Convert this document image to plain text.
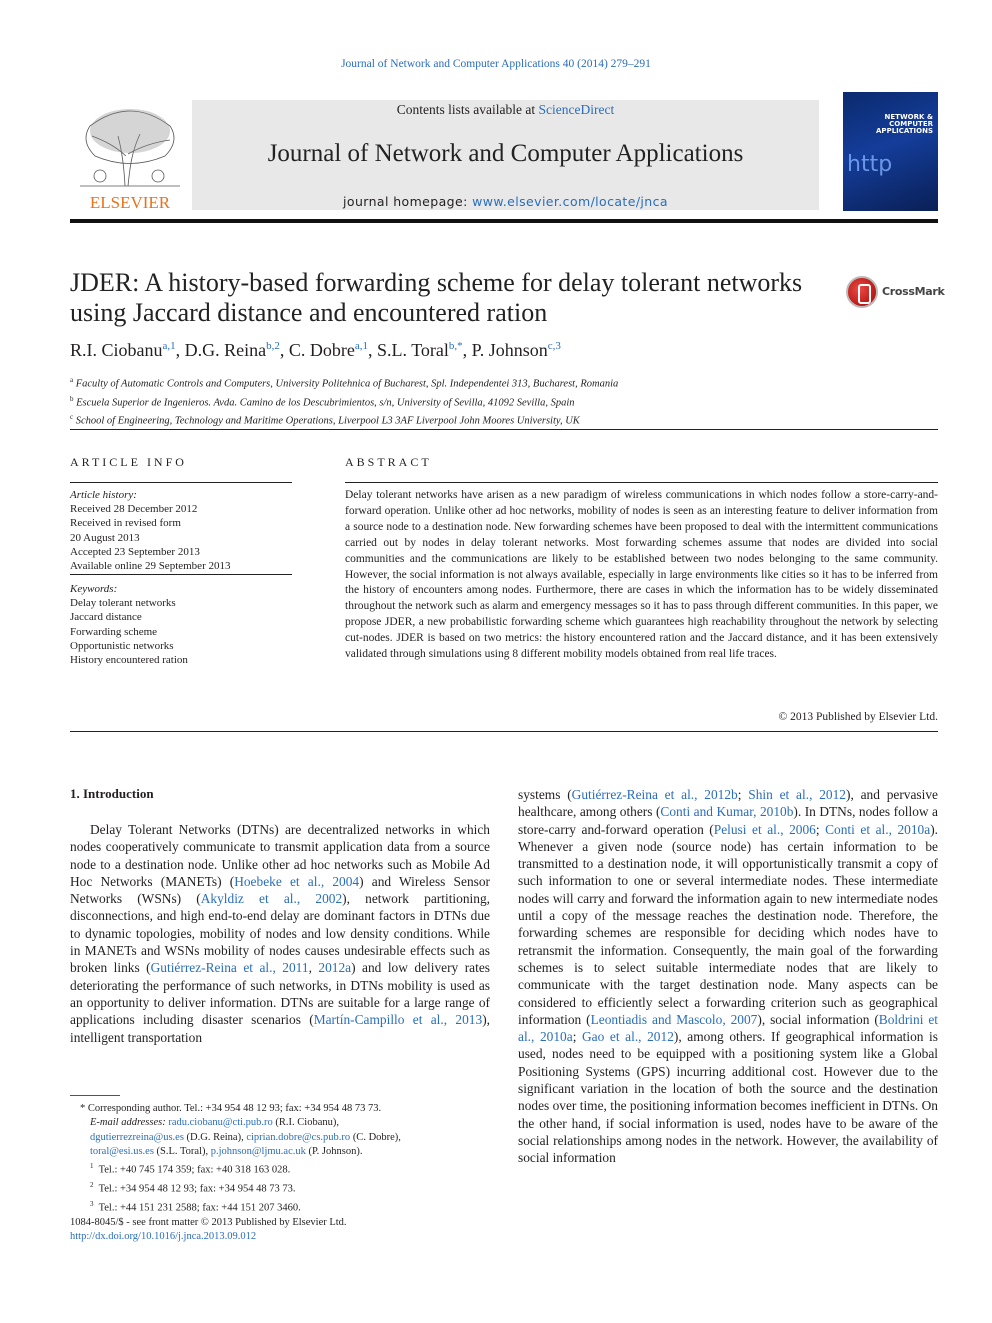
Journal of Network and Computer Applications 40 (2014) 279–291
ELSEVIER
Contents lists available at ScienceDirect
Journal of Network and Computer Applications
journal homepage: www.elsevier.com/locate/jnca
NETWORK &
COMPUTER
APPLICATIONS
http
JDER: A history-based forwarding scheme for delay tolerant networks using Jaccard distance and encountered ration
CrossMark
R.I. Ciobanu$^{a,1}$, D.G. Reina$^{b,2}$, C. Dobre$^{a,1}$, S.L. Toral$^{b,*}$, P. Johnson$^{c,3}$
$^a$ Faculty of Automatic Controls and Computers, University Politehnica of Bucharest, Spl. Independentei 313, Bucharest, Romania
$^b$ Escuela Superior de Ingenieros. Avda. Camino de los Descubrimientos, s/n, University of Sevilla, 41092 Sevilla, Spain
$^c$ School of Engineering, Technology and Maritime Operations, Liverpool L3 3AF Liverpool John Moores University, UK
ARTICLE INFO
Article history:
Received 28 December 2012
Received in revised form
20 August 2013
Accepted 23 September 2013
Available online 29 September 2013
Keywords:
Delay tolerant networks
Jaccard distance
Forwarding scheme
Opportunistic networks
History encountered ration
ABSTRACT
Delay tolerant networks have arisen as a new paradigm of wireless communications in which nodes follow a store-carry-and-forward operation. Unlike other ad hoc networks, mobility of nodes is seen as an interesting feature to deliver information from a source node to a destination node. New forwarding schemes have been proposed to deal with the intermittent communications carried out by nodes in delay tolerant networks. Most forwarding schemes assume that nodes are divided into social communities and the communications are likely to be established between two nodes belonging to the same community. However, the social information is not always available, especially in large environments like cities so it has to be inferred from the history of encounters among nodes. Furthermore, there are cases in which the information has to be widely disseminated throughout the network such as alarm and emergency messages so it has to pass through different communities. In this paper, we propose JDER, a new probabilistic forwarding scheme which guarantees high reachability throughout the network by selecting cut-nodes. JDER is based on two metrics: the history encountered ration and the Jaccard distance, and it has been extensively validated through simulations using 8 different mobility models obtained from real life traces.
© 2013 Published by Elsevier Ltd.
1. Introduction

Delay Tolerant Networks (DTNs) are decentralized networks in which nodes cooperatively communicate to transmit application data from a source node to a destination node. Unlike other ad hoc networks such as Mobile Ad Hoc Networks (MANETs) (Hoebeke et al., 2004) and Wireless Sensor Networks (WSNs) (Akyldiz et al., 2002), network partitioning, disconnections, and high end-to-end delay are dominant factors in DTNs due to dynamic topologies, mobility of nodes and low density conditions. While in MANETs and WSNs mobility of nodes causes undesirable effects such as broken links (Gutiérrez-Reina et al., 2011, 2012a) and low delivery rates deteriorating the performance of such networks, in DTNs mobility is used as an opportunity to deliver information. DTNs are suitable for a large range of applications including disaster scenarios (Martín-Campillo et al., 2013), intelligent transportation

systems (Gutiérrez-Reina et al., 2012b; Shin et al., 2012), and pervasive healthcare, among others (Conti and Kumar, 2010b). In DTNs, nodes follow a store-carry and-forward operation (Pelusi et al., 2006; Conti et al., 2010a). Whenever a given node (source node) has certain information to be transmitted to a destination node, it will opportunistically transmit a copy of such information to one or several intermediate nodes. These intermediate nodes will carry and forward the information again to new intermediate nodes until a copy of the message reaches the destination node. Therefore, the forwarding schemes are responsible for deciding which nodes have to retransmit the information. Consequently, the main goal of the forwarding schemes is to select suitable intermediate nodes that are likely to communicate with the target destination node. Many aspects can be considered to efficiently select a forwarding criterion such as geographical information (Leontiadis and Mascolo, 2007), social information (Boldrini et al., 2010a; Gao et al., 2012), among others. If geographical information is used, nodes need to be equipped with a positioning system like a Global Positioning Systems (GPS) incurring additional cost. However due to the significant variation in the location of both the source and the destination nodes over time, the positioning information becomes inefficient in DTNs. On the other hand, if social information is used, nodes have to be aware of the social relationships among nodes in the network. However, the availability of social information

* Corresponding author. Tel.: +34 954 48 12 93; fax: +34 954 48 73 73.
E-mail addresses: radu.ciobanu@cti.pub.ro (R.I. Ciobanu),
dgutierrezreina@us.es (D.G. Reina), ciprian.dobre@cs.pub.ro (C. Dobre),
toral@esi.us.es (S.L. Toral), p.johnson@ljmu.ac.uk (P. Johnson).
$^1$ Tel.: +40 745 174 359; fax: +40 318 163 028.
$^2$ Tel.: +34 954 48 12 93; fax: +34 954 48 73 73.
$^3$ Tel.: +44 151 231 2588; fax: +44 151 207 3460.
1084-8045/$ - see front matter © 2013 Published by Elsevier Ltd.
http://dx.doi.org/10.1016/j.jnca.2013.09.012
